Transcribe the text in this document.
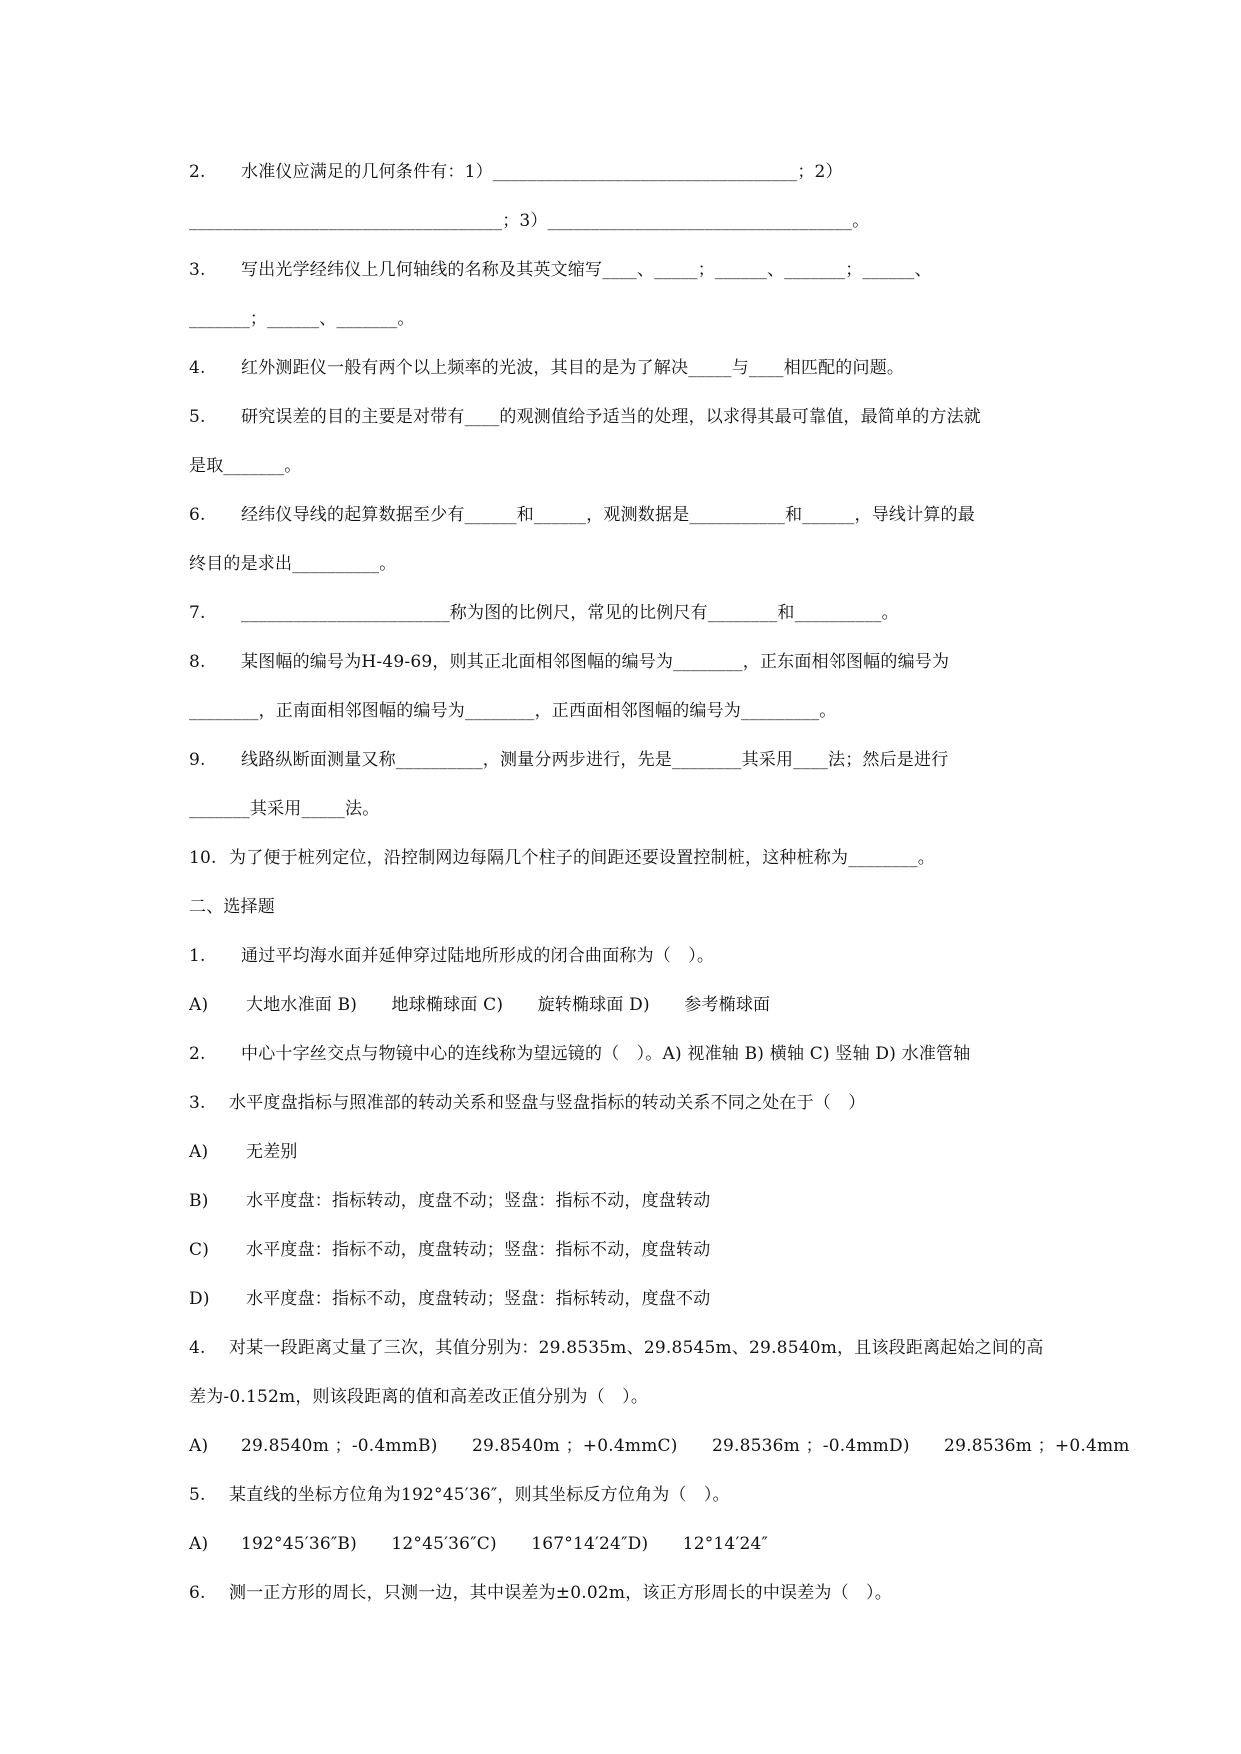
2. 水准仪应满足的几何条件有：1）___________________________________；2）
____________________________________；3）___________________________________。
3. 写出光学经纬仪上几何轴线的名称及其英文缩写____、_____；______、_______；______、
_______；______、_______。
4. 红外测距仪一般有两个以上频率的光波，其目的是为了解决_____与____相匹配的问题。
5. 研究误差的目的主要是对带有____的观测值给予适当的处理，以求得其最可靠值，最简单的方法就
是取_______。
6. 经纬仪导线的起算数据至少有______和______，观测数据是___________和______，导线计算的最
终目的是求出__________。
7. ________________________称为图的比例尺，常见的比例尺有________和__________。
8. 某图幅的编号为H-49-69，则其正北面相邻图幅的编号为________，正东面相邻图幅的编号为
________，正南面相邻图幅的编号为________，正西面相邻图幅的编号为_________。
9. 线路纵断面测量又称__________，测量分两步进行，先是________其采用____法；然后是进行
_______其采用_____法。
10. 为了便于桩列定位，沿控制网边每隔几个柱子的间距还要设置控制桩，这种桩称为________。
二、选择题
1. 通过平均海水面并延伸穿过陆地所形成的闭合曲面称为（　）。
A) 大地水准面 B)　　地球椭球面 C)　　旋转椭球面 D)　　参考椭球面
2. 中心十字丝交点与物镜中心的连线称为望远镜的（　）。A) 视准轴 B) 横轴 C) 竖轴 D) 水准管轴
3. 水平度盘指标与照准部的转动关系和竖盘与竖盘指标的转动关系不同之处在于（　）
A) 无差别
B) 水平度盘：指标转动，度盘不动；竖盘：指标不动，度盘转动
C) 水平度盘：指标不动，度盘转动；竖盘：指标不动，度盘转动
D) 水平度盘：指标不动，度盘转动；竖盘：指标转动，度盘不动
4. 对某一段距离丈量了三次，其值分别为：29.8535m、29.8545m、29.8540m，且该段距离起始之间的高
差为-0.152m，则该段距离的值和高差改正值分别为（　）。
A) 29.8540m ；-0.4mmB)　　29.8540m ；+0.4mmC)　　29.8536m ；-0.4mmD)　　29.8536m ；+0.4mm
5. 某直线的坐标方位角为192°45′36″，则其坐标反方位角为（　）。
A) 192°45′36″B)　　12°45′36″C)　　167°14′24″D)　　12°14′24″
6. 测一正方形的周长，只测一边，其中误差为±0.02m，该正方形周长的中误差为（　）。
